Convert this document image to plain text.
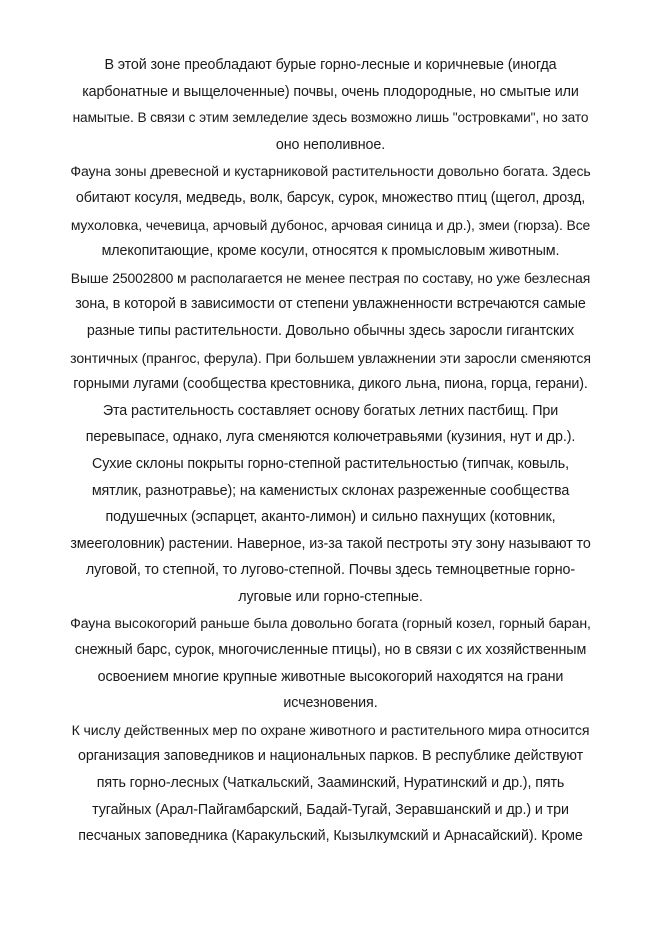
В этой зоне преобладают бурые горно-лесные и коричневые (иногда
карбонатные и выщелоченные) почвы, очень плодородные, но смытые или
намытые. В связи с этим земледелие здесь возможно лишь "островками", но зато
оно неполивное.
Фауна зоны древесной и кустарниковой растительности довольно богата. Здесь
обитают косуля, медведь, волк, барсук, сурок, множество птиц (щегол, дрозд,
мухоловка, чечевица, арчовый дубонос, арчовая синица и др.), змеи (гюрза). Все
млекопитающие, кроме косули, относятся к промысловым животным.
Выше 25002800 м располагается не менее пестрая по составу, но уже безлесная
зона, в которой в зависимости от степени увлажненности встречаются самые
разные типы растительности. Довольно обычны здесь заросли гигантских
зонтичных (прангос, ферула). При большем увлажнении эти заросли сменяются
горными лугами (сообщества крестовника, дикого льна, пиона, горца, герани).
Эта растительность составляет основу богатых летних пастбищ. При
перевыпасе, однако, луга сменяются колючетравьями (кузиния, нут и др.).
Сухие склоны покрыты горно-степной растительностью (типчак, ковыль,
мятлик, разнотравье); на каменистых склонах разреженные сообщества
подушечных (эспарцет, аканто-лимон) и сильно пахнущих (котовник,
змееголовник) растении. Наверное, из-за такой пестроты эту зону называют то
луговой, то степной, то лугово-степной. Почвы здесь темноцветные горно-
луговые или горно-степные.
Фауна высокогорий раньше была довольно богата (горный козел, горный баран,
снежный барс, сурок, многочисленные птицы), но в связи с их хозяйственным
освоением многие крупные животные высокогорий находятся на грани
исчезновения.
К числу действенных мер по охране животного и растительного мира относится
организация заповедников и национальных парков. В республике действуют
пять горно-лесных (Чаткальский, Зааминский, Нуратинский и др.), пять
тугайных (Арал-Пайгамбарский, Бадай-Тугай, Зеравшанский и др.) и три
песчаных заповедника (Каракульский, Кызылкумский и Арнасайский). Кроме
